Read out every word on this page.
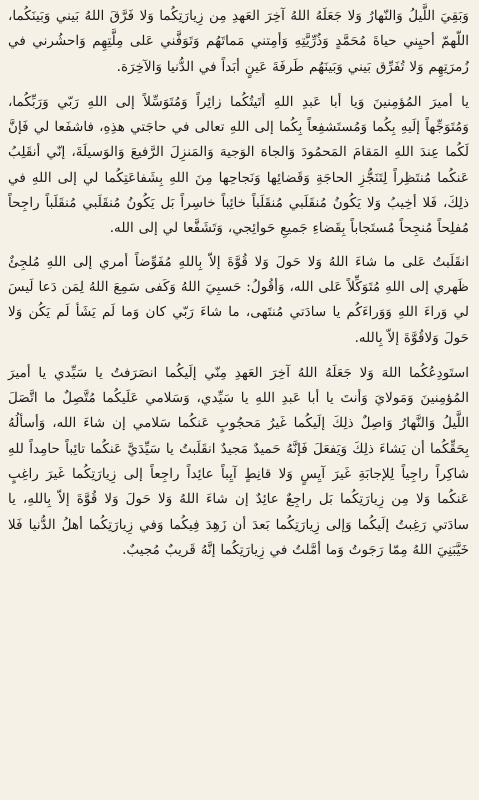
وَبَقِيَ اللَّيلُ وَالنّهارُ وَلا جَعَلَهُ اللهُ آخِرَ العَهدِ مِن زِيارَتِكُما وَلا فَرَّقَ اللهُ بَيني وَبَينَكُما، اللّهمّ أحيِني حياةَ مُحَمَّدٍ وَذُرِّيَّتِهِ وَأمِتني مَماتَهُم وَتَوَفَّني عَلى مِلَّتِهِم وَاحشُرني في زُمرَتِهِم وَلا تُفَرِّق بَيني وَبَينَهُم طَرفَةَ عَينٍ أبَداً في الدُّنيا وَالآخِرَة.

يا أميرَ المُؤمِنينَ وَيا أبا عَبدِ اللهِ أتَيتُكُما زائِراً وَمُتَوَسِّلاً إلى اللهِ رَبّي وَرَبِّكُما، وَمُتَوَجِّهاً إلَيهِ بِكُما وَمُستَشفِعاً بِكُما إلى اللهِ تعالى في حاجَتي هذِهِ، فاشفَعا لي فَإنَّ لَكُما عِندَ اللهِ المَقامَ المَحمُودَ وَالجاهَ الوَجيهَ وَالمَنزِلَ الرَّفيعَ وَالوَسيلَةَ، إنّي أنقَلِبُ عَنكُما مُنتَظِراً لِتَنَجُّزِ الحاجَةِ وَقَضائِها وَنَجاحِها مِنَ اللهِ بِشَفاعَتِكُما لي إلى اللهِ في ذلِكَ، فَلا أخِيبُ وَلا يَكُونُ مُنقَلَبي مُنقَلَباً خائِباً خاسِراً بَل يَكُونُ مُنقَلَبي مُنقَلَباً راجِحاً مُفلِحاً مُنجِحاً مُستَجاباً بِقَضاءِ جَميعِ حَوائِجي، وَتَشَفَّعا لي إلى الله.

انقَلَبتُ عَلى ما شاءَ اللهُ وَلا حَولَ وَلا قُوَّةَ إلاّ بِاللهِ مُفَوِّضاً أمري إلى اللهِ مُلجِئٌ ظَهري إلى اللهِ مُتَوَكِّلاً عَلى الله، وَأقُولُ: حَسبِيَ اللهُ وَكَفى سَمِعَ اللهُ لِمَن دَعا لَيسَ لي وَراءَ اللهِ وَوَراءَكُم يا سادَتي مُنتَهى، ما شاءَ رَبّي كان وَما لَم يَشَأ لَم يَكُن وَلا حَولَ وَلاقُوَّةَ إلاّ بِالله.

استَودِعُكُما اللهَ وَلا جَعَلَهُ اللهُ آخِرَ العَهدِ مِنّي إلَيكُما انصَرَفتُ يا سَيِّدي يا أميرَ المُؤمِنينَ وَمَولايَ وَأنتَ يا أبا عَبدِ اللهِ يا سَيِّدي، وَسَلامي عَلَيكُما مُتَّصِلٌ ما اتَّصَلَ اللَّيلُ وَالنَّهارُ وَاصِلٌ ذلِكَ إلَيكُما غَيرُ مَحجُوبٍ عَنكُما سَلامي إن شاءَ الله، وَأسألُهُ بِحَقِّكُما أن يَشاءَ ذلِكَ وَيَفعَلَ فَإنَّهُ حَميدٌ مَجيدٌ انقَلَبتُ يا سَيِّدَيَّ عَنكُما تائِباً حامِداً للهِ شاكِراً راجِياً لِلإجابَةِ غَيرَ آيِسٍ وَلا قانِطٍ آيِباً عائِداً راجِعاً إلى زِيارَتِكُما غَيرَ راغِبٍ عَنكُما وَلا مِن زِيارَتِكُما بَل راجِعٌ عائِدٌ إن شاءَ اللهُ وَلا حَولَ وَلا قُوَّةَ إلاّ بِاللهِ، يا سادَتي رَغِبتُ إلَيكُما وَإلى زِيارَتِكُما بَعدَ أن زَهِدَ فِيكُما وَفي زِيارَتِكُما أهلُ الدُّنيا فَلا خَيَّبَنِيَ اللهُ مِمّا رَجَوتُ وَما أمَّلتُ في زِيارَتِكُما إنَّهُ قَريبٌ مُجيبٌ.
